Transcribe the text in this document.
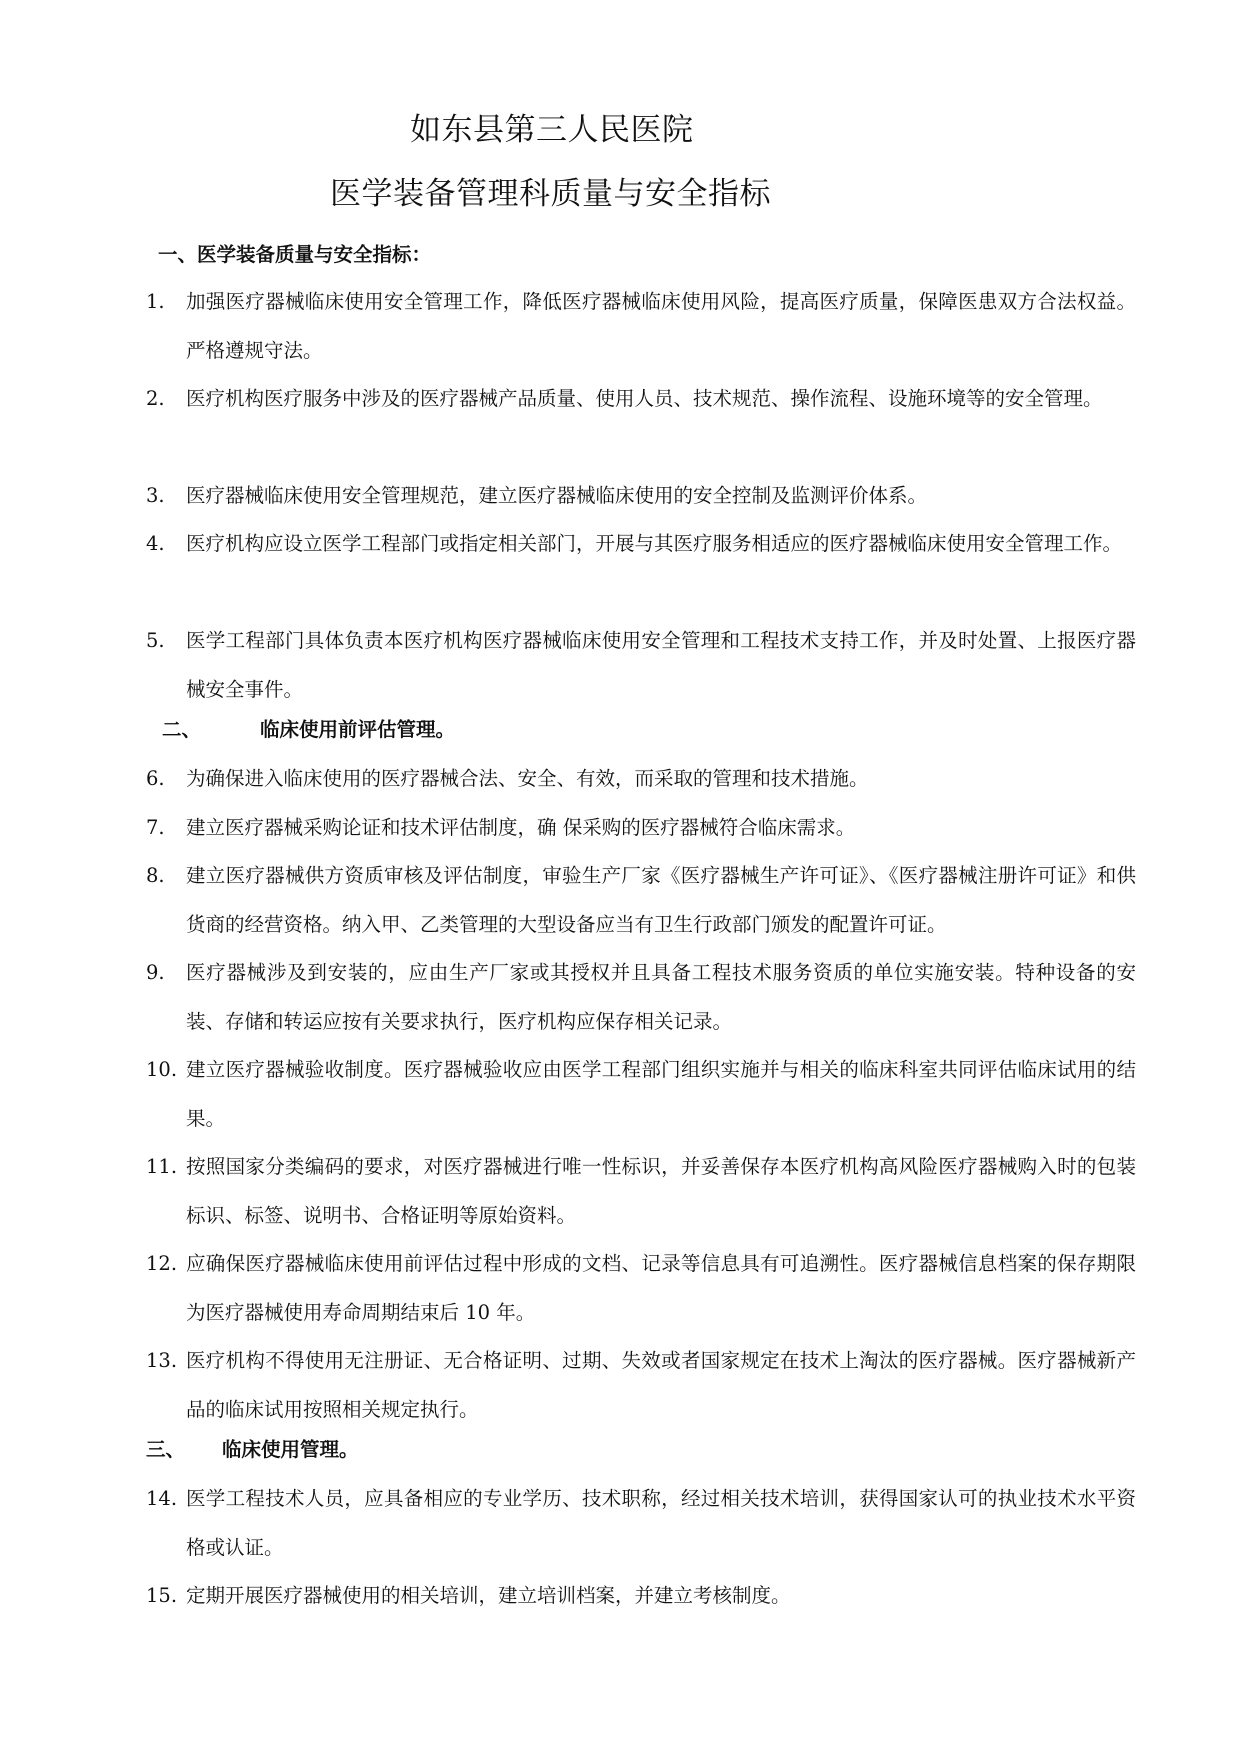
如东县第三人民医院
医学装备管理科质量与安全指标
一、医学装备质量与安全指标：
1.	加强医疗器械临床使用安全管理工作，降低医疗器械临床使用风险，提高医疗质量，保障医患双方合法权益。严格遵规守法。
2.	医疗机构医疗服务中涉及的医疗器械产品质量、使用人员、技术规范、操作流程、设施环境等的安全管理。
3.	医疗器械临床使用安全管理规范，建立医疗器械临床使用的安全控制及监测评价体系。
4.	医疗机构应设立医学工程部门或指定相关部门，开展与其医疗服务相适应的医疗器械临床使用安全管理工作。
5.	医学工程部门具体负责本医疗机构医疗器械临床使用安全管理和工程技术支持工作，并及时处置、上报医疗器械安全事件。
二、	临床使用前评估管理。
6.	为确保进入临床使用的医疗器械合法、安全、有效，而采取的管理和技术措施。
7.	建立医疗器械采购论证和技术评估制度，确 保采购的医疗器械符合临床需求。
8.	建立医疗器械供方资质审核及评估制度，审验生产厂家《医疗器械生产许可证》、《医疗器械注册许可证》和供货商的经营资格。纳入甲、乙类管理的大型设备应当有卫生行政部门颁发的配置许可证。
9.	医疗器械涉及到安装的，应由生产厂家或其授权并且具备工程技术服务资质的单位实施安装。特种设备的安装、存储和转运应按有关要求执行，医疗机构应保存相关记录。
10. 建立医疗器械验收制度。医疗器械验收应由医学工程部门组织实施并与相关的临床科室共同评估临床试用的结果。
11. 按照国家分类编码的要求，对医疗器械进行唯一性标识，并妥善保存本医疗机构高风险医疗器械购入时的包装标识、标签、说明书、合格证明等原始资料。
12. 应确保医疗器械临床使用前评估过程中形成的文档、记录等信息具有可追溯性。医疗器械信息档案的保存期限为医疗器械使用寿命周期结束后 10 年。
13. 医疗机构不得使用无注册证、无合格证明、过期、失效或者国家规定在技术上淘汰的医疗器械。医疗器械新产品的临床试用按照相关规定执行。
三、 临床使用管理。
14. 医学工程技术人员，应具备相应的专业学历、技术职称，经过相关技术培训，获得国家认可的执业技术水平资格或认证。
15. 定期开展医疗器械使用的相关培训，建立培训档案，并建立考核制度。
